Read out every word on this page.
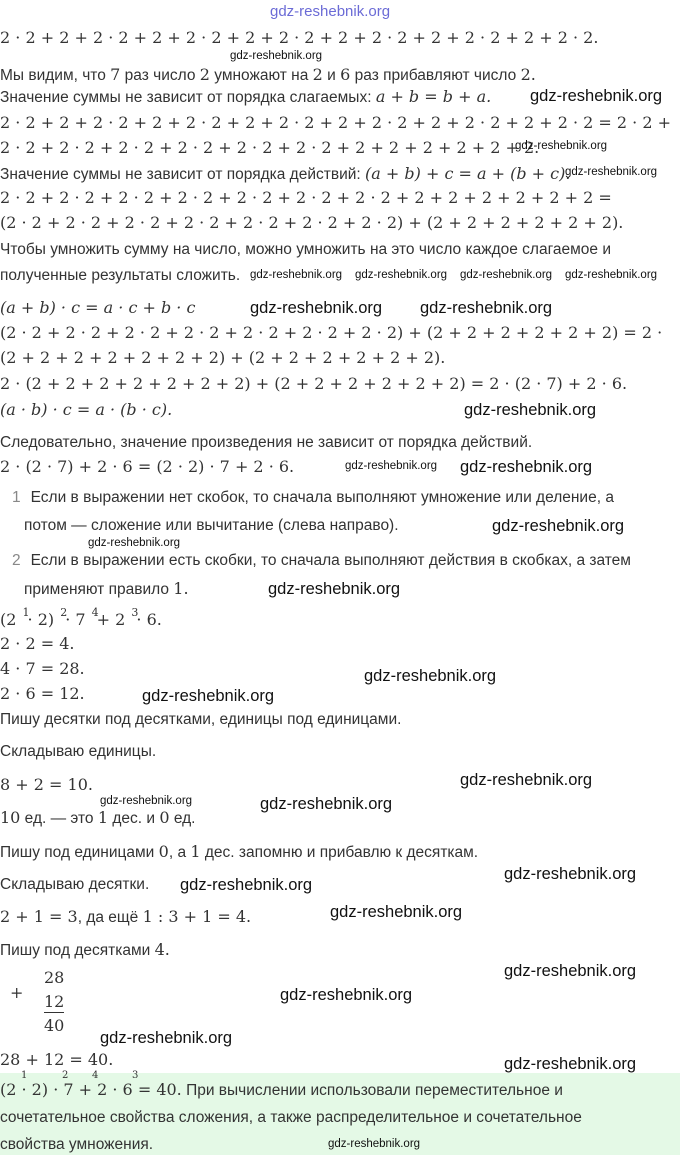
gdz-reshebnik.org
2 · 2 + 2 + 2 · 2 + 2 + 2 · 2 + 2 + 2 · 2 + 2 + 2 · 2 + 2 + 2 · 2 + 2 + 2 · 2.
Мы видим, что 7 раз число 2 умножают на 2 и 6 раз прибавляют число 2.
Значение суммы не зависит от порядка слагаемых: a + b = b + a.
2 · 2 + 2 + 2 · 2 + 2 + 2 · 2 + 2 + 2 · 2 + 2 + 2 · 2 + 2 + 2 · 2 + 2 + 2 · 2 = 2 · 2 +
2 · 2 + 2 · 2 + 2 · 2 + 2 · 2 + 2 · 2 + 2 · 2 + 2 + 2 + 2 + 2 + 2 + 2.
Значение суммы не зависит от порядка действий: (a + b) + c = a + (b + c).
2 · 2 + 2 · 2 + 2 · 2 + 2 · 2 + 2 · 2 + 2 · 2 + 2 · 2 + 2 + 2 + 2 + 2 + 2 + 2 =
(2 · 2 + 2 · 2 + 2 · 2 + 2 · 2 + 2 · 2 + 2 · 2 + 2 · 2) + (2 + 2 + 2 + 2 + 2 + 2).
Чтобы умножить сумму на число, можно умножить на это число каждое слагаемое и
полученные результаты сложить.
(a + b) · c = a · c + b · c
(2 · 2 + 2 · 2 + 2 · 2 + 2 · 2 + 2 · 2 + 2 · 2 + 2 · 2) + (2 + 2 + 2 + 2 + 2 + 2) = 2 ·
(2 + 2 + 2 + 2 + 2 + 2 + 2) + (2 + 2 + 2 + 2 + 2 + 2).
2 · (2 + 2 + 2 + 2 + 2 + 2 + 2) + (2 + 2 + 2 + 2 + 2 + 2) = 2 · (2 · 7) + 2 · 6.
(a · b) · c = a · (b · c).
Следовательно, значение произведения не зависит от порядка действий.
2 · (2 · 7) + 2 · 6 = (2 · 2) · 7 + 2 · 6.
1 Если в выражении нет скобок, то сначала выполняют умножение или деление, а
потом — сложение или вычитание (слева направо).
2 Если в выражении есть скобки, то сначала выполняют действия в скобках, а затем
применяют правило 1.
(2 $^1$· 2) $^2$· 7 $^4$+ 2 $^3$· 6.
2 · 2 = 4.
4 · 7 = 28.
2 · 6 = 12.
Пишу десятки под десятками, единицы под единицами.
Складываю единицы.
8 + 2 = 10.
10 ед. — это 1 дес. и 0 ед.
Пишу под единицами 0, а 1 дес. запомню и прибавлю к десяткам.
Складываю десятки.
2 + 1 = 3, да ещё 1 : 3 + 1 = 4.
Пишу под десятками 4.
+
28
12
40
28 + 12 = 40.
1	2 4	3
(2 · 2) · 7 + 2 · 6 = 40. При вычислении использовали переместительное и
сочетательное свойства сложения, а также распределительное и сочетательное
свойства умножения.
gdz-reshebnik.org
gdz-reshebnik.org
gdz-reshebnik.org
gdz-reshebnik.org
gdz-reshebnik.org gdz-reshebnik.org gdz-reshebnik.org gdz-reshebnik.org
gdz-reshebnik.org
gdz-reshebnik.org
gdz-reshebnik.org
gdz-reshebnik.org gdz-reshebnik.org
gdz-reshebnik.org
gdz-reshebnik.org
gdz-reshebnik.org
gdz-reshebnik.org
gdz-reshebnik.org
gdz-reshebnik.org
gdz-reshebnik.org	gdz-reshebnik.org
gdz-reshebnik.org
gdz-reshebnik.org
gdz-reshebnik.org
gdz-reshebnik.org
gdz-reshebnik.org
gdz-reshebnik.org
gdz-reshebnik.org
gdz-reshebnik.org
